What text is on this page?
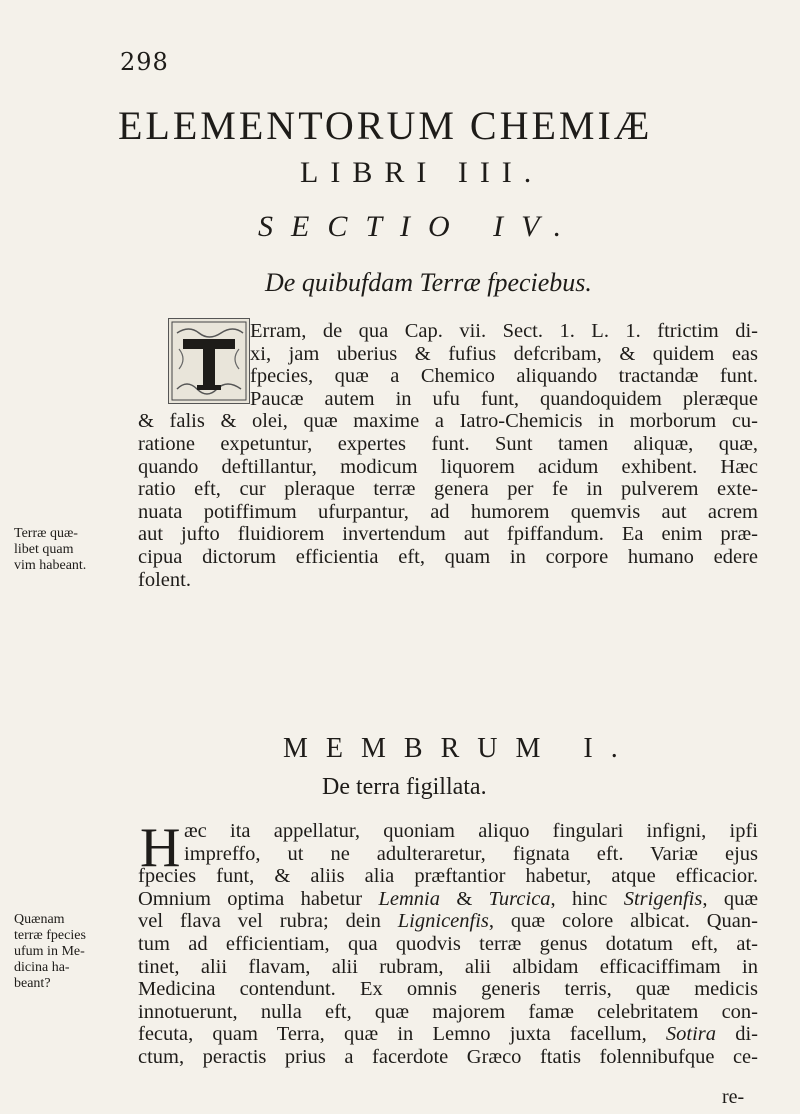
298
ELEMENTORUM CHEMIÆ
LIBRI III.
SECTIO IV.
De quibufdam Terræ fpeciebus.
Erram, de qua Cap. vii. Sect. 1. L. 1. ftrictim di-
xi, jam uberius & fufius defcribam, & quidem eas
fpecies, quæ a Chemico aliquando tractandæ funt.
Paucæ autem in ufu funt, quandoquidem pleræque
& falis & olei, quæ maxime a Iatro-Chemicis in morborum cu-
ratione expetuntur, expertes funt. Sunt tamen aliquæ, quæ,
quando deftillantur, modicum liquorem acidum exhibent. Hæc
ratio eft, cur pleraque terræ genera per fe in pulverem exte-
nuata potiffimum ufurpantur, ad humorem quemvis aut acrem
aut jufto fluidiorem invertendum aut fpiffandum. Ea enim præ-
cipua dictorum efficientia eft, quam in corpore humano edere
folent.
Terræ quæ-
libet quam
vim habeant.
MEMBRUM I.
De terra figillata.
H æc ita appellatur, quoniam aliquo fingulari infigni, ipfi
impreffo, ut ne adulteraretur, fignata eft. Variæ ejus
fpecies funt, & aliis alia præftantior habetur, atque efficacior.
Omnium optima habetur Lemnia & Turcica, hinc Strigenfis, quæ
vel flava vel rubra; dein Lignicenfis, quæ colore albicat. Quan-
tum ad efficientiam, qua quodvis terræ genus dotatum eft, at-
tinet, alii flavam, alii rubram, alii albidam efficaciffimam in
Medicina contendunt. Ex omnis generis terris, quæ medicis
innotuerunt, nulla eft, quæ majorem famæ celebritatem con-
fecuta, quam Terra, quæ in Lemno juxta facellum, Sotira di-
ctum, peractis prius a facerdote Græco ftatis folennibufque ce-
Quænam
terræ fpecies
ufum in Me-
dicina ha-
beant?
re-
